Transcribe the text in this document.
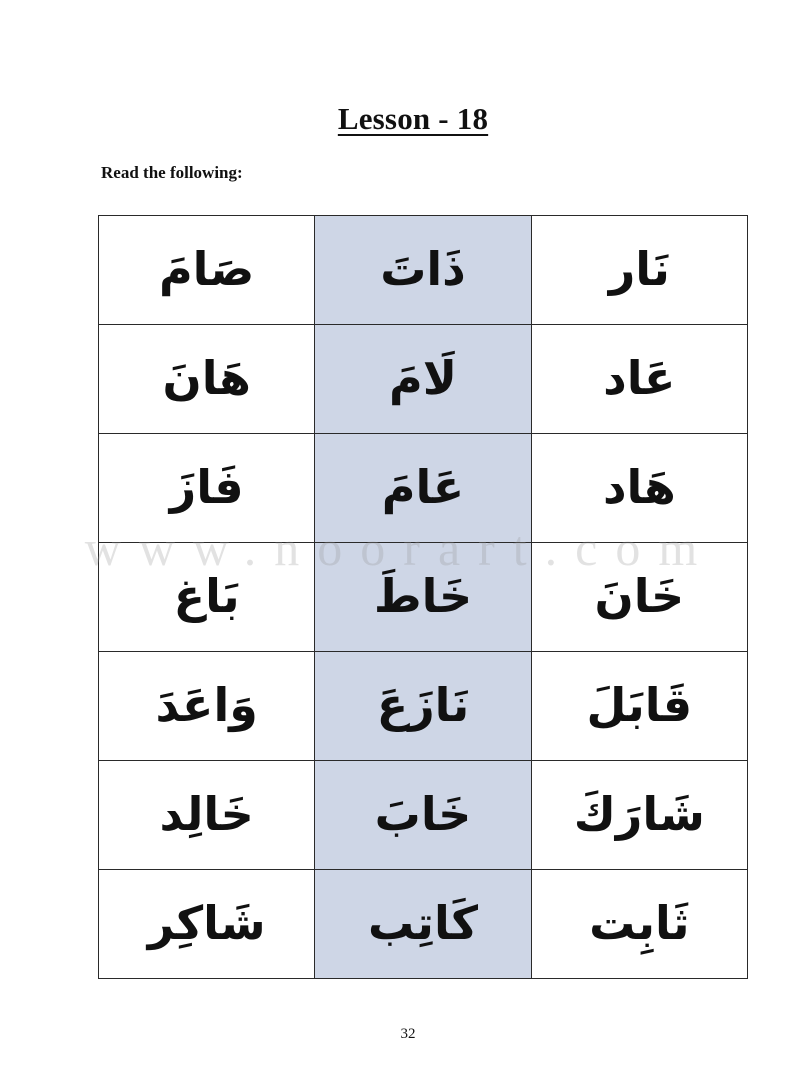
Lesson - 18
Read the following:
صَامَ	ذَاتَ	نَار
هَانَ	لَامَ	عَاد
فَازَ	عَامَ	هَاد
بَاغ	خَاطَ	خَانَ
وَاعَدَ	نَازَعَ	قَابَلَ
خَالِد	خَابَ	شَارَكَ
شَاكِر	كَاتِب	ثَابِت
www.noorart.com
32
